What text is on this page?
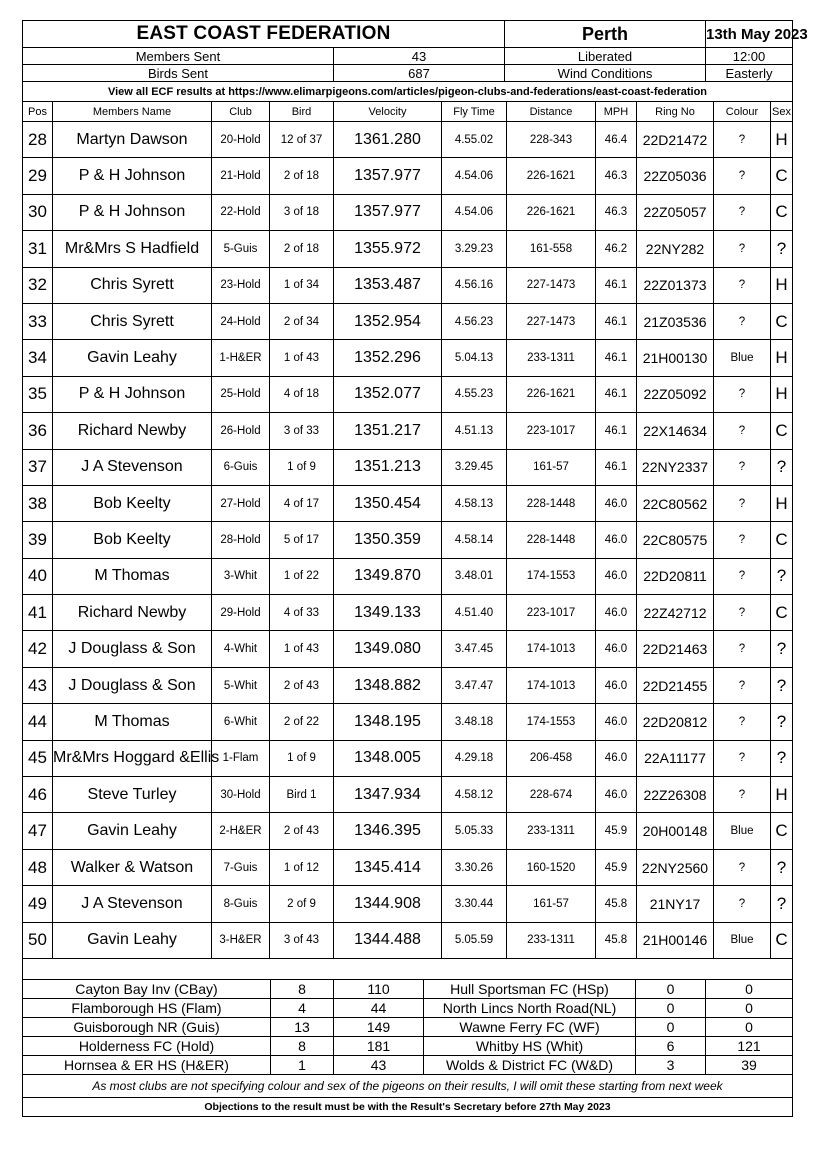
EAST COAST FEDERATION	Perth	13th May 2023
Members Sent	43	Liberated	12:00
Birds Sent	687	Wind Conditions	Easterly
View all ECF results at https://www.elimarpigeons.com/articles/pigeon-clubs-and-federations/east-coast-federation			
Pos	Members Name	Club	Bird	Velocity	Fly Time	Distance	MPH	Ring No	Colour	Sex
28	Martyn Dawson	20-Hold	12 of 37	1361.280	4.55.02	228-343	46.4	22D21472	?	H
29	P & H Johnson	21-Hold	2 of 18	1357.977	4.54.06	226-1621	46.3	22Z05036	?	C
30	P & H Johnson	22-Hold	3 of 18	1357.977	4.54.06	226-1621	46.3	22Z05057	?	C
31	Mr&Mrs S Hadfield	5-Guis	2 of 18	1355.972	3.29.23	161-558	46.2	22NY282	?	?
32	Chris Syrett	23-Hold	1 of 34	1353.487	4.56.16	227-1473	46.1	22Z01373	?	H
33	Chris Syrett	24-Hold	2 of 34	1352.954	4.56.23	227-1473	46.1	21Z03536	?	C
34	Gavin Leahy	1-H&ER	1 of 43	1352.296	5.04.13	233-1311	46.1	21H00130	Blue	H
35	P & H Johnson	25-Hold	4 of 18	1352.077	4.55.23	226-1621	46.1	22Z05092	?	H
36	Richard Newby	26-Hold	3 of 33	1351.217	4.51.13	223-1017	46.1	22X14634	?	C
37	J A Stevenson	6-Guis	1 of 9	1351.213	3.29.45	161-57	46.1	22NY2337	?	?
38	Bob Keelty	27-Hold	4 of 17	1350.454	4.58.13	228-1448	46.0	22C80562	?	H
39	Bob Keelty	28-Hold	5 of 17	1350.359	4.58.14	228-1448	46.0	22C80575	?	C
40	M Thomas	3-Whit	1 of 22	1349.870	3.48.01	174-1553	46.0	22D20811	?	?
41	Richard Newby	29-Hold	4 of 33	1349.133	4.51.40	223-1017	46.0	22Z42712	?	C
42	J Douglass & Son	4-Whit	1 of 43	1349.080	3.47.45	174-1013	46.0	22D21463	?	?
43	J Douglass & Son	5-Whit	2 of 43	1348.882	3.47.47	174-1013	46.0	22D21455	?	?
44	M Thomas	6-Whit	2 of 22	1348.195	3.48.18	174-1553	46.0	22D20812	?	?
45	Mr&Mrs Hoggard &Ellis	1-Flam	1 of 9	1348.005	4.29.18	206-458	46.0	22A11177	?	?
46	Steve Turley	30-Hold	Bird 1	1347.934	4.58.12	228-674	46.0	22Z26308	?	H
47	Gavin Leahy	2-H&ER	2 of 43	1346.395	5.05.33	233-1311	45.9	20H00148	Blue	C
48	Walker & Watson	7-Guis	1 of 12	1345.414	3.30.26	160-1520	45.9	22NY2560	?	?
49	J A Stevenson	8-Guis	2 of 9	1344.908	3.30.44	161-57	45.8	21NY17	?	?
50	Gavin Leahy	3-H&ER	3 of 43	1344.488	5.05.59	233-1311	45.8	21H00146	Blue	C

Cayton Bay Inv (CBay)	8	110	Hull Sportsman FC (HSp)	0	0
Flamborough HS (Flam)	4	44	North Lincs North Road(NL)	0	0
Guisborough NR (Guis)	13	149	Wawne Ferry FC (WF)	0	0
Holderness FC (Hold)	8	181	Whitby HS (Whit)	6	121
Hornsea & ER HS (H&ER)	1	43	Wolds & District FC (W&D)	3	39
As most clubs are not specifying colour and sex of the pigeons on their results, I will omit these starting from next week					
Objections to the result must be with the Result's Secretary before 27th May 2023					
